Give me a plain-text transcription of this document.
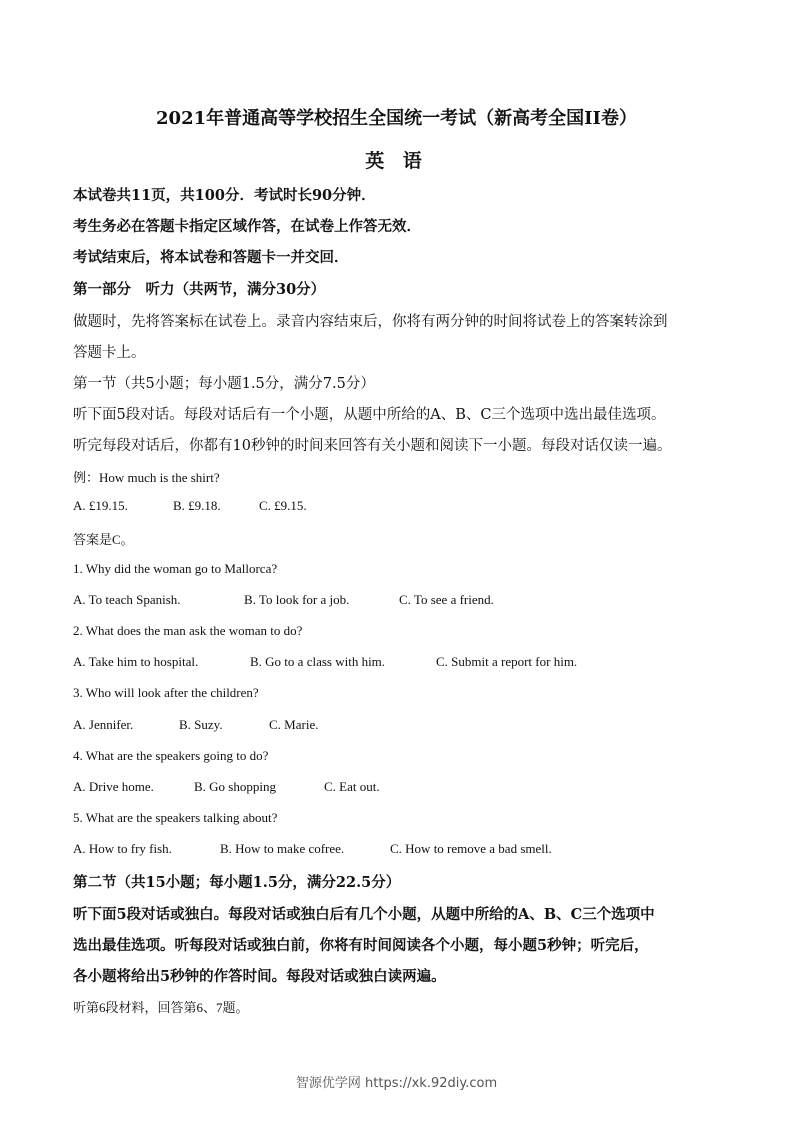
2021年普通高等学校招生全国统一考试（新高考全国II卷）
英 语
本试卷共11页，共100分．考试时长90分钟．
考生务必在答题卡指定区域作答，在试卷上作答无效．
考试结束后，将本试卷和答题卡一并交回．
第一部分　听力（共两节，满分30分）
做题时，先将答案标在试卷上。录音内容结束后，你将有两分钟的时间将试卷上的答案转涂到
答题卡上。
第一节（共5小题；每小题1.5分，满分7.5分）
听下面5段对话。每段对话后有一个小题，从题中所给的A、B、C三个选项中选出最佳选项。
听完每段对话后，你都有10秒钟的时间来回答有关小题和阅读下一小题。每段对话仅读一遍。
例：How much is the shirt?
A. £19.15.	B. £9.18.	C. £9.15.
答案是C。
1. Why did the woman go to Mallorca?
A. To teach Spanish.	B. To look for a job.	C. To see a friend.
2. What does the man ask the woman to do?
A. Take him to hospital.	B. Go to a class with him.	C. Submit a report for him.
3. Who will look after the children?
A. Jennifer.	B. Suzy.	C. Marie.
4. What are the speakers going to do?
A. Drive home.	B. Go shopping	C. Eat out.
5. What are the speakers talking about?
A. How to fry fish.	B. How to make cofree.	C. How to remove a bad smell.
第二节（共15小题；每小题1.5分，满分22.5分）
听下面5段对话或独白。每段对话或独白后有几个小题，从题中所给的A、B、C三个选项中
选出最佳选项。听每段对话或独白前，你将有时间阅读各个小题，每小题5秒钟；听完后，
各小题将给出5秒钟的作答时间。每段对话或独白读两遍。
听第6段材料，回答第6、7题。
智源优学网 https://xk.92diy.com
